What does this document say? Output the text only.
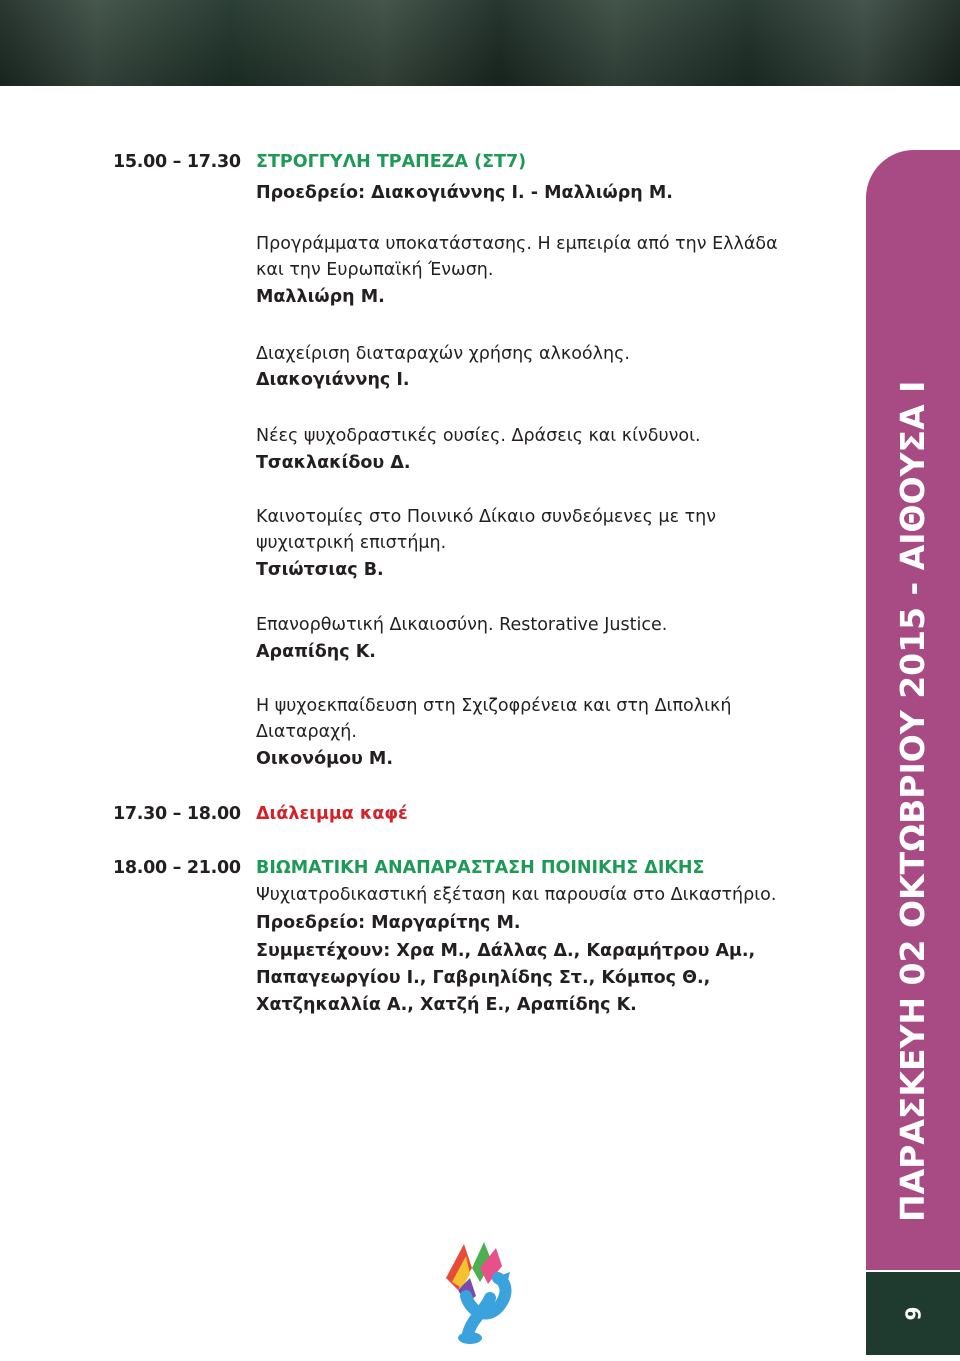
15.00 – 17.30 ΣΤΡΟΓΓΥΛΗ ΤΡΑΠΕΖΑ (ΣΤ7)
Προεδρείο: Διακογιάννης Ι. - Μαλλιώρη Μ.
Προγράμματα υποκατάστασης. Η εμπειρία από την Ελλάδα
και την Ευρωπαϊκή Ένωση.
Μαλλιώρη Μ.
Διαχείριση διαταραχών χρήσης αλκοόλης.
Διακογιάννης Ι.
Νέες ψυχοδραστικές ουσίες. Δράσεις και κίνδυνοι.
Τσακλακίδου Δ.
Καινοτομίες στο Ποινικό Δίκαιο συνδεόμενες με την
ψυχιατρική επιστήμη.
Τσιώτσιας Β.
Επανορθωτική Δικαιοσύνη. Restorative Justice.
Αραπίδης Κ.
Η ψυχοεκπαίδευση στη Σχιζοφρένεια και στη Διπολική
Διαταραχή.
Οικονόμου Μ.
17.30 – 18.00 Διάλειμμα καφέ
18.00 – 21.00 ΒΙΩΜΑΤΙΚΗ ΑΝΑΠΑΡΑΣΤΑΣΗ ΠΟΙΝΙΚΗΣ ΔΙΚΗΣ
Ψυχιατροδικαστική εξέταση και παρουσία στο Δικαστήριο.
Προεδρείο: Μαργαρίτης Μ.
Συμμετέχουν: Χρα Μ., Δάλλας Δ., Καραμήτρου Αμ.,
Παπαγεωργίου Ι., Γαβριηλίδης Στ., Κόμπος Θ.,
Χατζηκαλλία Α., Χατζή Ε., Αραπίδης Κ.	ΠΑΡΑΣΚΕΥΗ 02 ΟΚΤΩΒΡΙΟΥ 2015 - ΑΙΘΟΥΣΑ Ι
9
